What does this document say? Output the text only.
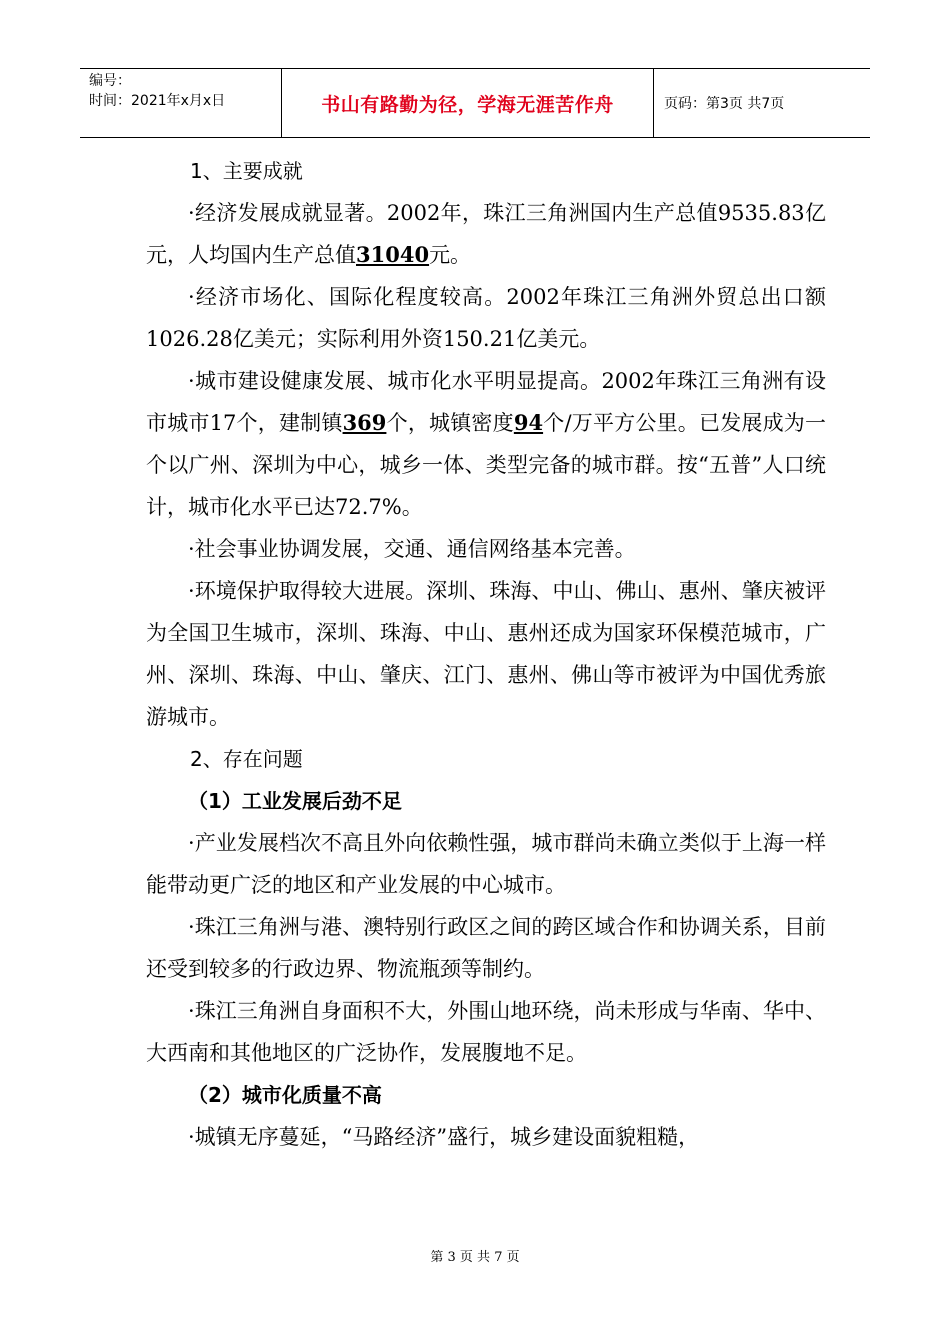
编号：
时间：2021年x月x日	书山有路勤为径，学海无涯苦作舟	页码：第3页 共7页

1、主要成就

·经济发展成就显著。2002年，珠江三角洲国内生产总值9535.83亿元，人均国内生产总值31040元。

·经济市场化、国际化程度较高。2002年珠江三角洲外贸总出口额1026.28亿美元；实际利用外资150.21亿美元。

·城市建设健康发展、城市化水平明显提高。2002年珠江三角洲有设市城市17个，建制镇369个，城镇密度94个/万平方公里。已发展成为一个以广州、深圳为中心，城乡一体、类型完备的城市群。按“五普”人口统计，城市化水平已达72.7%。

·社会事业协调发展，交通、通信网络基本完善。

·环境保护取得较大进展。深圳、珠海、中山、佛山、惠州、肇庆被评为全国卫生城市，深圳、珠海、中山、惠州还成为国家环保模范城市，广州、深圳、珠海、中山、肇庆、江门、惠州、佛山等市被评为中国优秀旅游城市。

2、存在问题

（1）工业发展后劲不足

·产业发展档次不高且外向依赖性强，城市群尚未确立类似于上海一样能带动更广泛的地区和产业发展的中心城市。

·珠江三角洲与港、澳特别行政区之间的跨区域合作和协调关系，目前还受到较多的行政边界、物流瓶颈等制约。

·珠江三角洲自身面积不大，外围山地环绕，尚未形成与华南、华中、大西南和其他地区的广泛协作，发展腹地不足。

（2）城市化质量不高

·城镇无序蔓延，“马路经济”盛行，城乡建设面貌粗糙，

第 3 页 共 7 页
